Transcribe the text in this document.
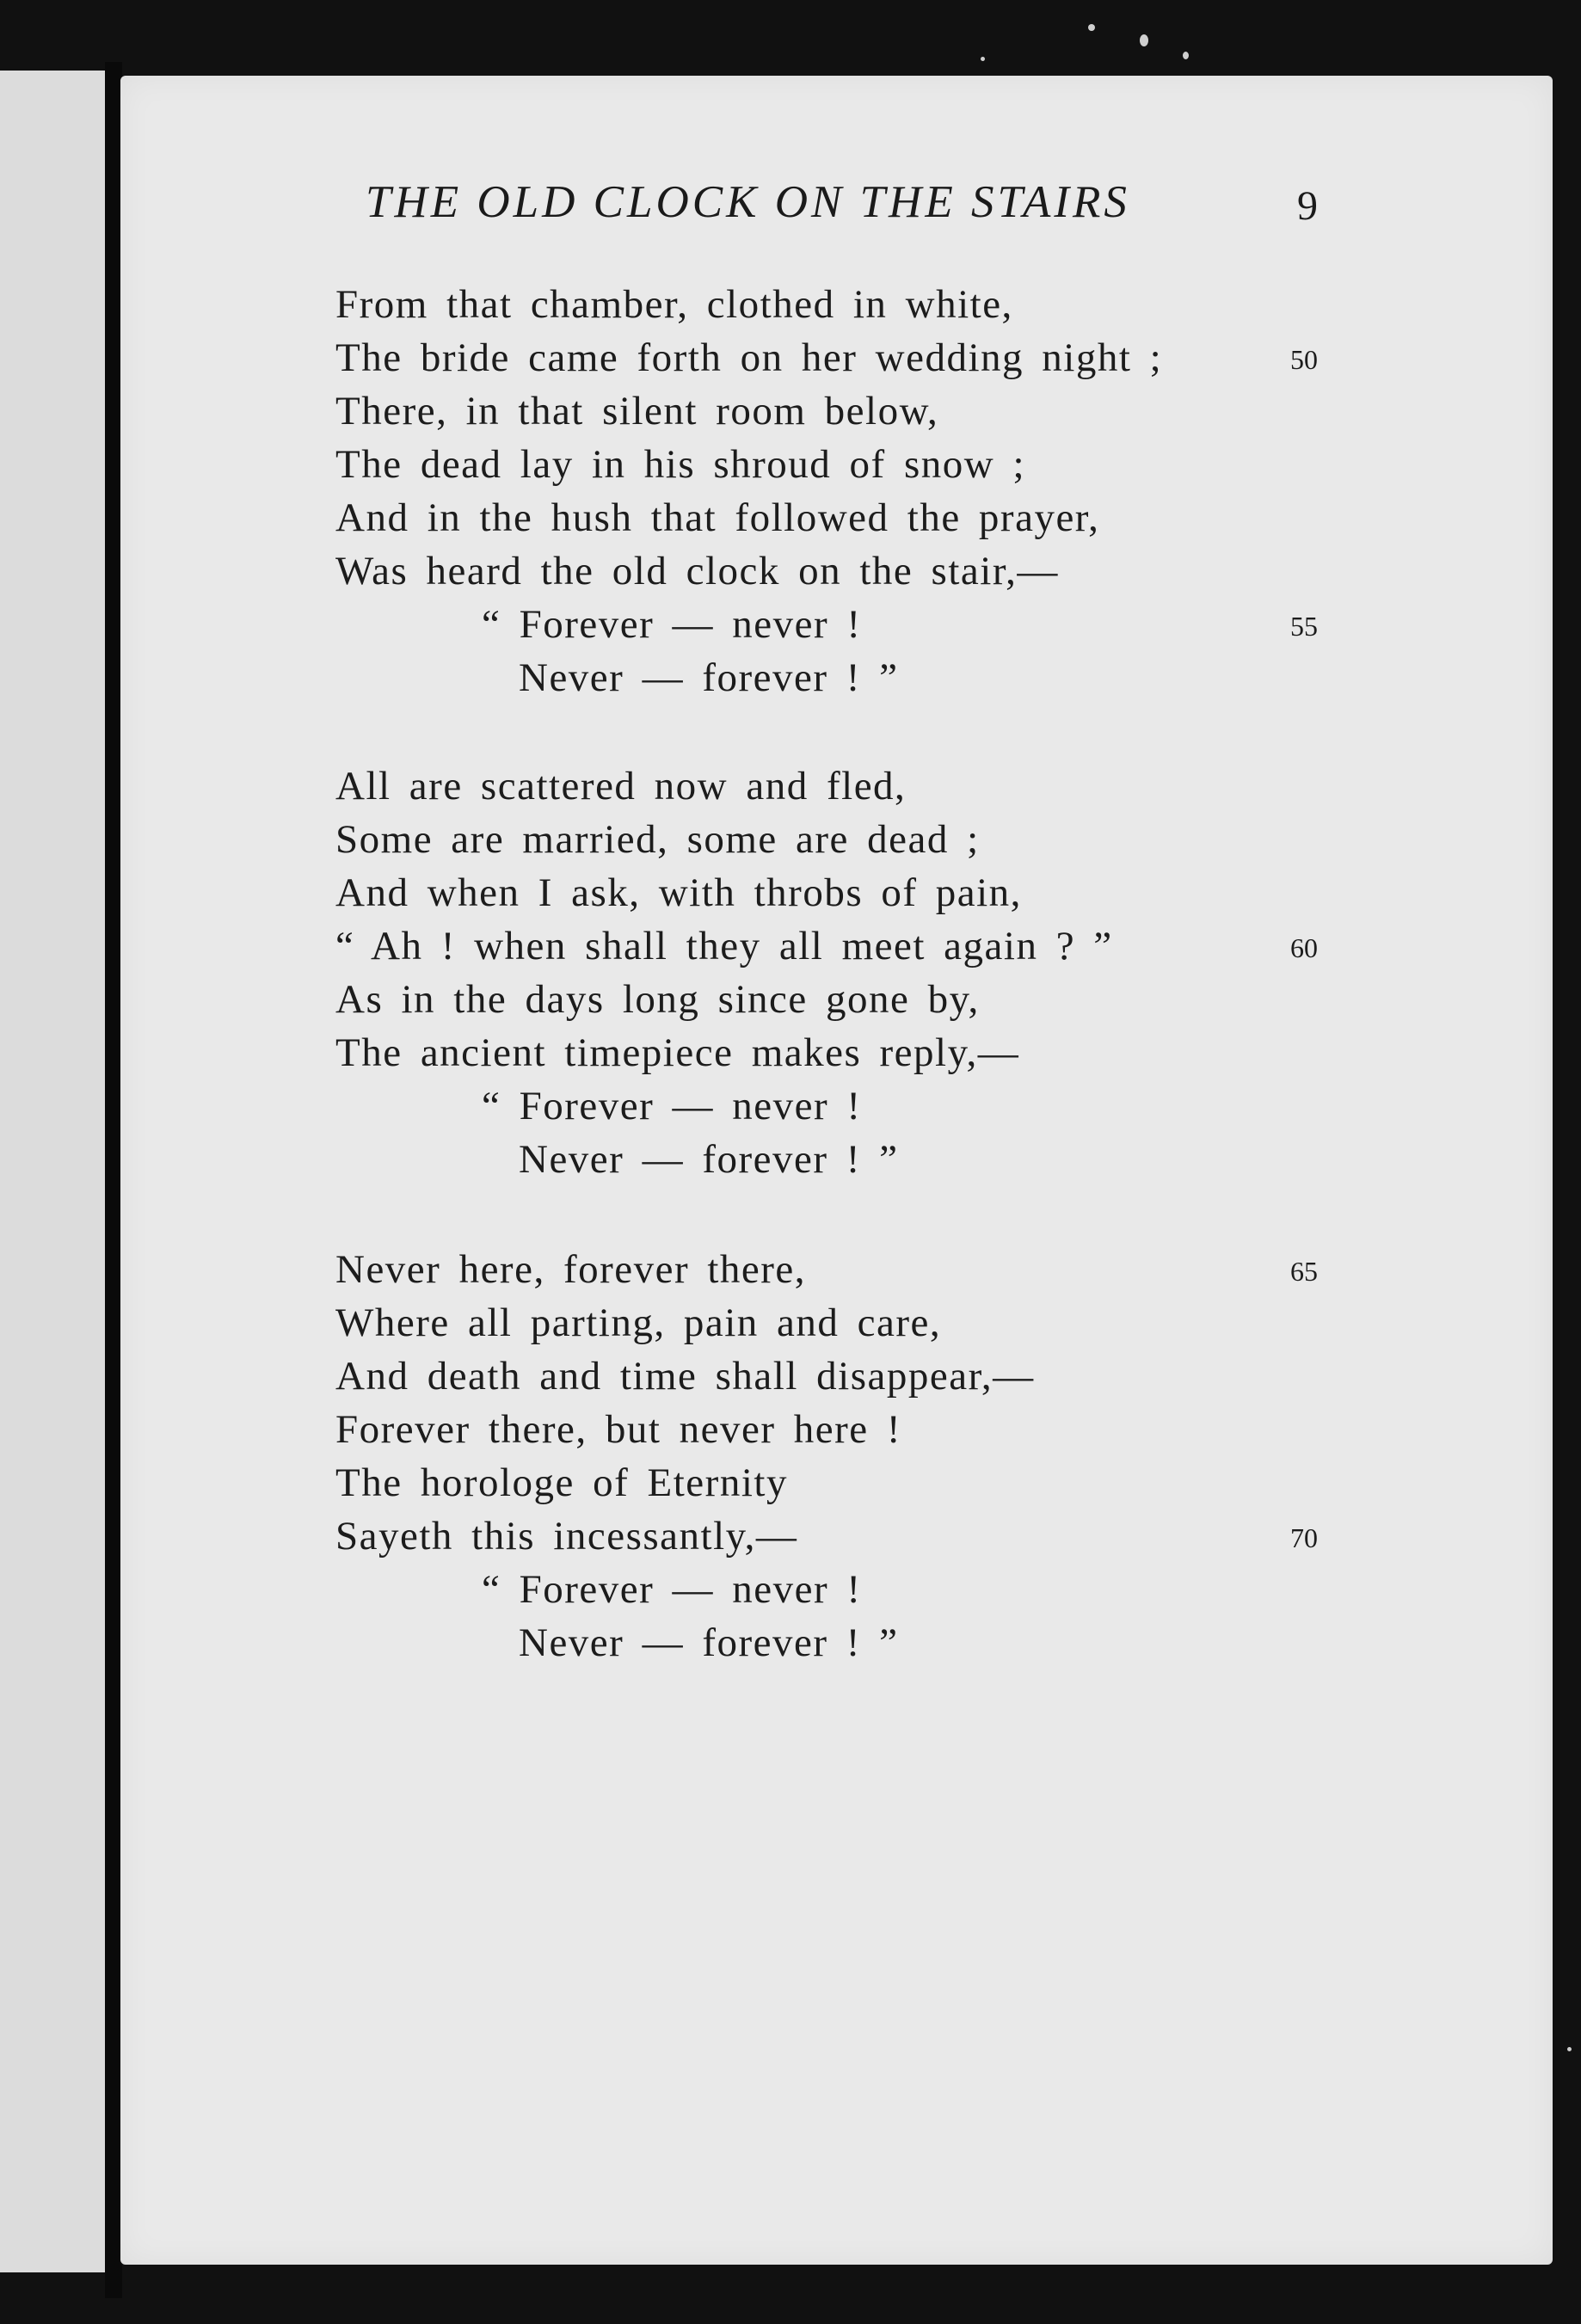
THE OLD CLOCK ON THE STAIRS	9
From that chamber, clothed in white,
The bride came forth on her wedding night ;	50
There, in that silent room below,
The dead lay in his shroud of snow ;
And in the hush that followed the prayer,
Was heard the old clock on the stair,—
“ Forever — never !	55
Never — forever ! ”
All are scattered now and fled,
Some are married, some are dead ;
And when I ask, with throbs of pain,
“ Ah ! when shall they all meet again ? ”	60
As in the days long since gone by,
The ancient timepiece makes reply,—
“ Forever — never !
Never — forever ! ”
Never here, forever there,	65
Where all parting, pain and care,
And death and time shall disappear,—
Forever there, but never here !
The horologe of Eternity
Sayeth this incessantly,—	70
“ Forever — never !
Never — forever ! ”
